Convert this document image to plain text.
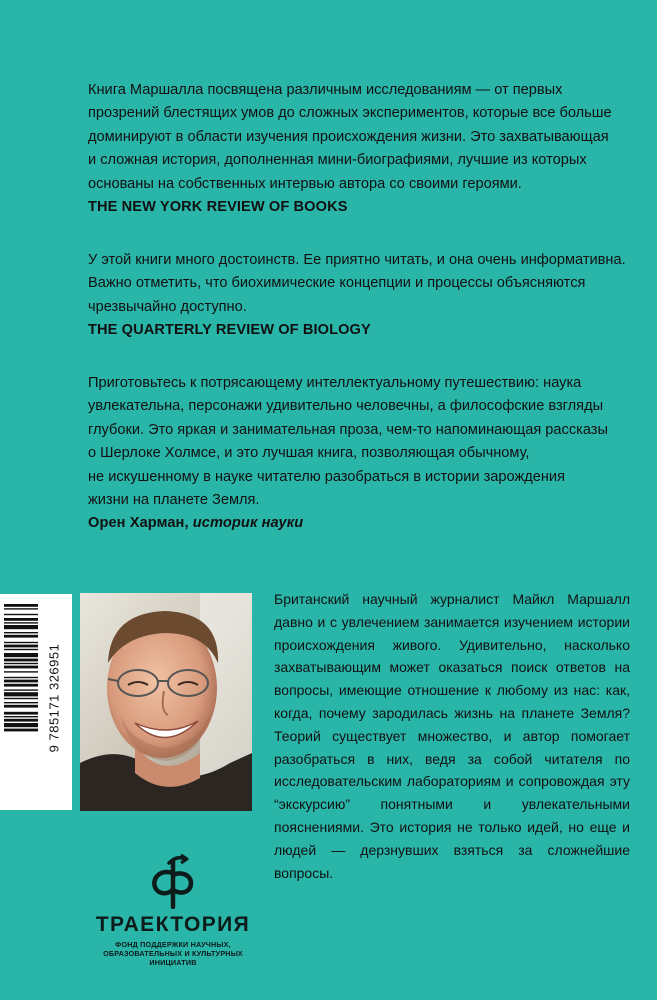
Книга Маршалла посвящена различным исследованиям — от первых

прозрений блестящих умов до сложных экспериментов, которые все больше

доминируют в области изучения происхождения жизни. Это захватывающая

и сложная история, дополненная мини-биографиями, лучшие из которых

основаны на собственных интервью автора со своими героями.

THE NEW YORK REVIEW OF BOOKS

У этой книги много достоинств. Ее приятно читать, и она очень информативна.

Важно отметить, что биохимические концепции и процессы объясняются

чрезвычайно доступно.

THE QUARTERLY REVIEW OF BIOLOGY

Приготовьтесь к потрясающему интеллектуальному путешествию: наука

увлекательна, персонажи удивительно человечны, а философские взгляды

глубоки. Это яркая и занимательная проза, чем-то напоминающая рассказы

о Шерлоке Холмсе, и это лучшая книга, позволяющая обычному,

не искушенному в науке читателю разобраться в истории зарождения

жизни на планете Земля.

Орен Харман, историк науки

9 785171 326951
Британский научный журналист Майкл Маршалл давно и с увлечением занимается изучением истории происхождения живого. Удивительно, насколько захватывающим может оказаться поиск ответов на вопросы, имеющие отношение к любому из нас: как, когда, почему зародилась жизнь на планете Земля? Теорий существует множество, и автор помогает разобраться в них, ведя за собой читателя по исследовательским лабораториям и сопровождая эту “экскурсию” понятными и увлекательными пояснениями. Это история не только идей, но еще и людей — дерзнувших взяться за сложнейшие вопросы.
ТРАЕКТОРИЯ
ФОНД ПОДДЕРЖКИ НАУЧНЫХ,
ОБРАЗОВАТЕЛЬНЫХ И КУЛЬТУРНЫХ
ИНИЦИАТИВ
